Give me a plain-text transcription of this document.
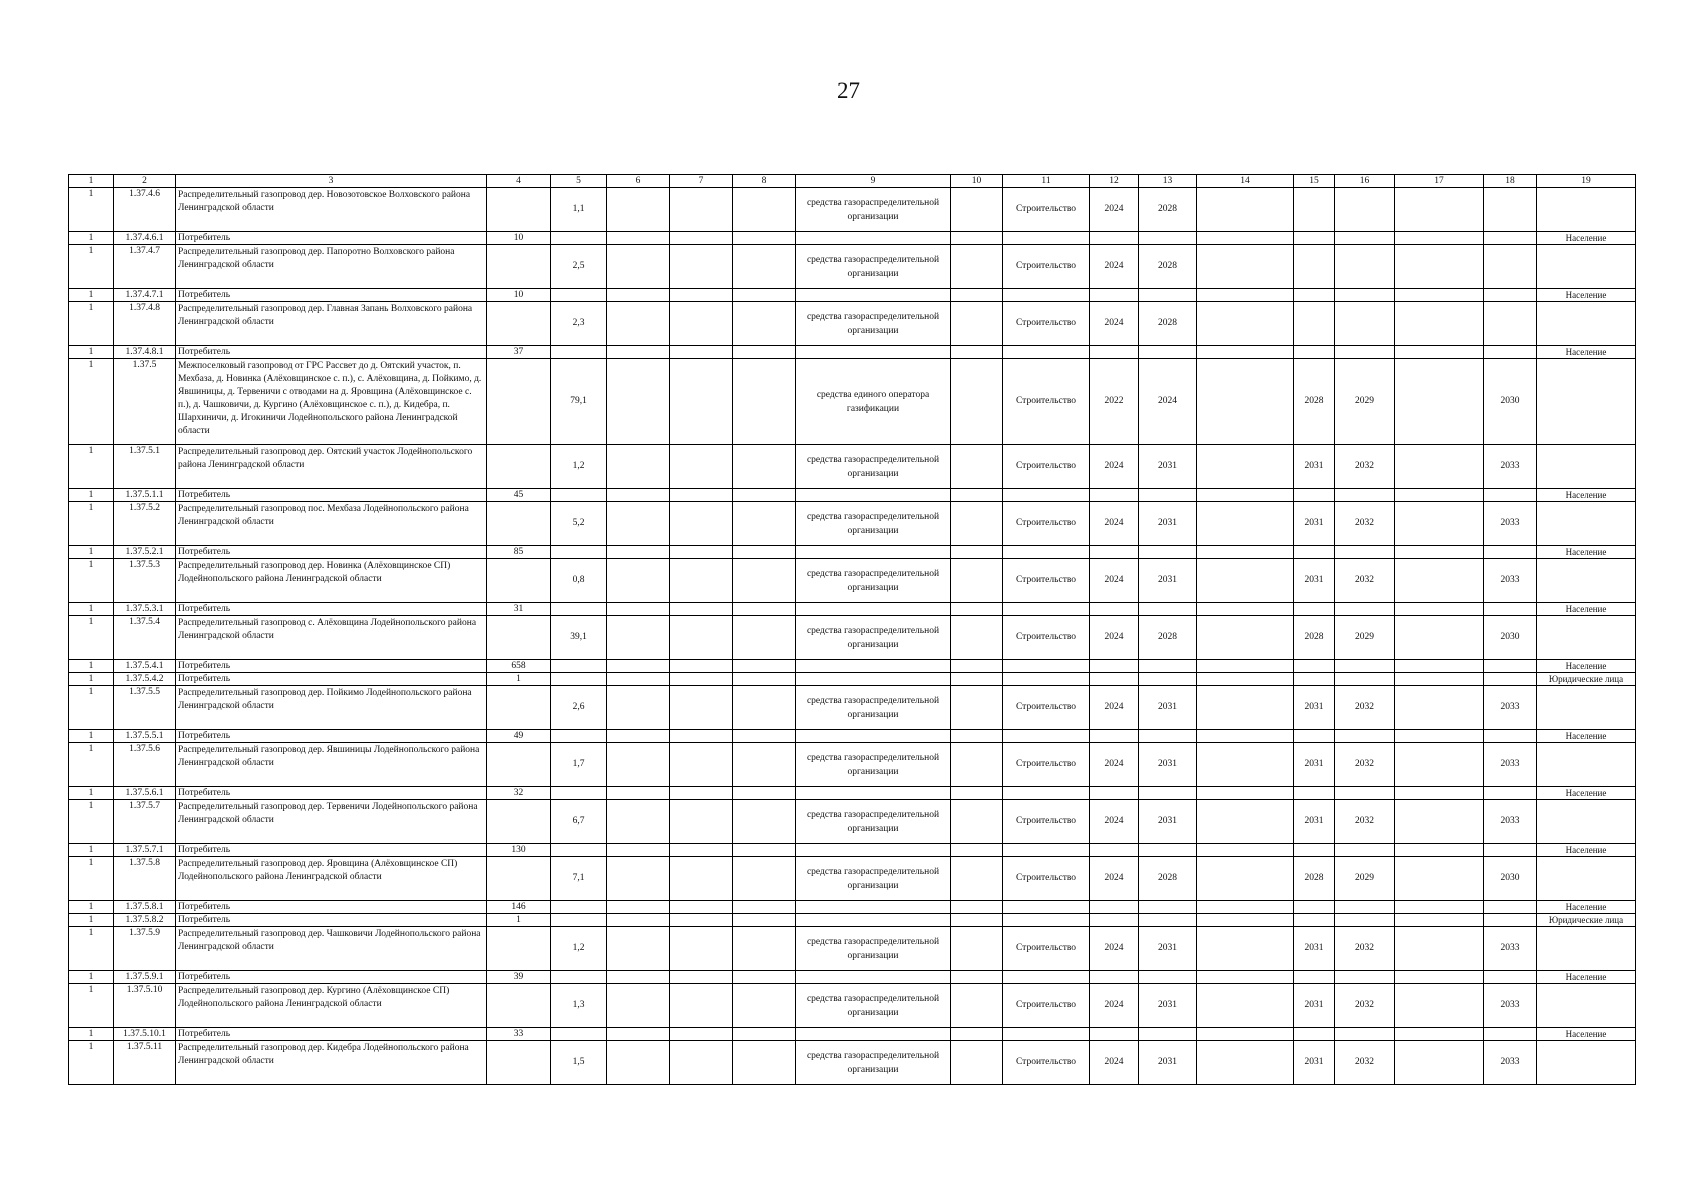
27
1	2	3	4	5	6	7	8	9	10	11	12	13	14	15	16	17	18	19
1	1.37.4.6	Распределительный газопровод дер. Новозотовское Волховского района Ленинградской области		1,1				средства газораспределительной организации		Строительство	2024	2028						
1	1.37.4.6.1	Потребитель	10															Население
1	1.37.4.7	Распределительный газопровод дер. Папоротно Волховского района Ленинградской области		2,5				средства газораспределительной организации		Строительство	2024	2028						
1	1.37.4.7.1	Потребитель	10															Население
1	1.37.4.8	Распределительный газопровод дер. Главная Запань Волховского района Ленинградской области		2,3				средства газораспределительной организации		Строительство	2024	2028						
1	1.37.4.8.1	Потребитель	37															Население
1	1.37.5	Межпоселковый газопровод от ГРС Рассвет до д. Оятский участок, п. Мехбаза, д. Новинка (Алёховщинское с. п.), с. Алёховщина, д. Пойкимо, д. Явшиницы, д. Тервеничи с отводами на д. Яровщина (Алёховщинское с. п.), д. Чашковичи, д. Кургино (Алёховщинское с. п.), д. Кидебра, п. Шархиничи, д. Игокиничи Лодейнопольского района Ленинградской области		79,1				средства единого оператора газификации		Строительство	2022	2024		2028	2029		2030	
1	1.37.5.1	Распределительный газопровод дер. Оятский участок Лодейнопольского района Ленинградской области		1,2				средства газораспределительной организации		Строительство	2024	2031		2031	2032		2033	
1	1.37.5.1.1	Потребитель	45															Население
1	1.37.5.2	Распределительный газопровод пос. Мехбаза Лодейнопольского района Ленинградской области		5,2				средства газораспределительной организации		Строительство	2024	2031		2031	2032		2033	
1	1.37.5.2.1	Потребитель	85															Население
1	1.37.5.3	Распределительный газопровод дер. Новинка (Алёховщинское СП) Лодейнопольского района Ленинградской области		0,8				средства газораспределительной организации		Строительство	2024	2031		2031	2032		2033	
1	1.37.5.3.1	Потребитель	31															Население
1	1.37.5.4	Распределительный газопровод с. Алёховщина Лодейнопольского района Ленинградской области		39,1				средства газораспределительной организации		Строительство	2024	2028		2028	2029		2030	
1	1.37.5.4.1	Потребитель	658															Население
1	1.37.5.4.2	Потребитель	1															Юридические лица
1	1.37.5.5	Распределительный газопровод дер. Пойкимо Лодейнопольского района Ленинградской области		2,6				средства газораспределительной организации		Строительство	2024	2031		2031	2032		2033	
1	1.37.5.5.1	Потребитель	49															Население
1	1.37.5.6	Распределительный газопровод дер. Явшиницы Лодейнопольского района Ленинградской области		1,7				средства газораспределительной организации		Строительство	2024	2031		2031	2032		2033	
1	1.37.5.6.1	Потребитель	32															Население
1	1.37.5.7	Распределительный газопровод дер. Тервеничи Лодейнопольского района Ленинградской области		6,7				средства газораспределительной организации		Строительство	2024	2031		2031	2032		2033	
1	1.37.5.7.1	Потребитель	130															Население
1	1.37.5.8	Распределительный газопровод дер. Яровщина (Алёховщинское СП) Лодейнопольского района Ленинградской области		7,1				средства газораспределительной организации		Строительство	2024	2028		2028	2029		2030	
1	1.37.5.8.1	Потребитель	146															Население
1	1.37.5.8.2	Потребитель	1															Юридические лица
1	1.37.5.9	Распределительный газопровод дер. Чашковичи Лодейнопольского района Ленинградской области		1,2				средства газораспределительной организации		Строительство	2024	2031		2031	2032		2033	
1	1.37.5.9.1	Потребитель	39															Население
1	1.37.5.10	Распределительный газопровод дер. Кургино (Алёховщинское СП) Лодейнопольского района Ленинградской области		1,3				средства газораспределительной организации		Строительство	2024	2031		2031	2032		2033	
1	1.37.5.10.1	Потребитель	33															Население
1	1.37.5.11	Распределительный газопровод дер. Кидебра Лодейнопольского района Ленинградской области		1,5				средства газораспределительной организации		Строительство	2024	2031		2031	2032		2033	
